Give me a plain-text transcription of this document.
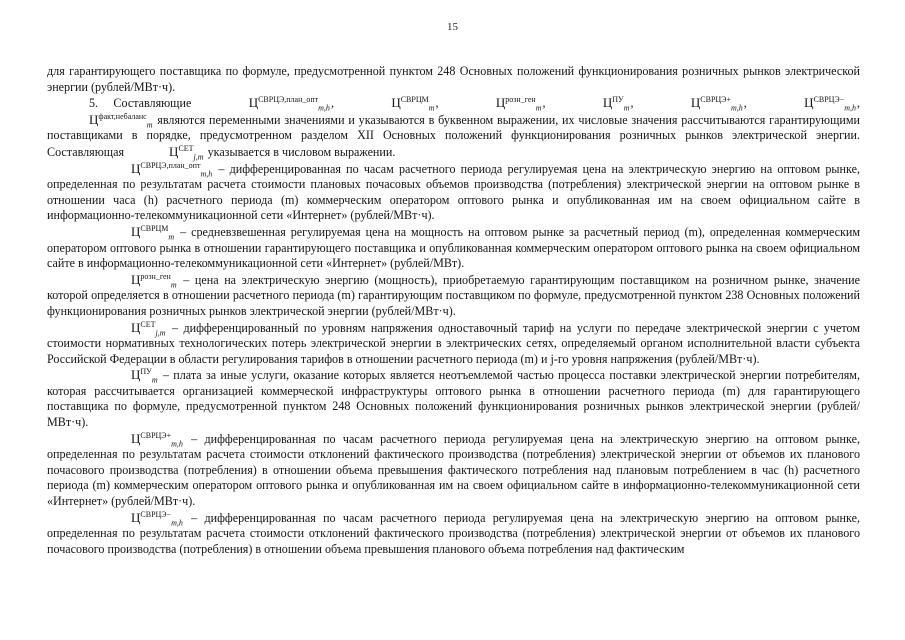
15

для гарантирующего поставщика по формуле, предусмотренной пунктом 248 Основных положений функционирования розничных рынков электрической энергии (рублей/МВт·ч).

5. Составляющие	$Ц^{СВРЦЭ,план\_опт}_{m,h}$,	$Ц^{СВРЦМ}_m$,	$Ц^{розн\_ген}_m$,	$Ц^{ПУ}_m$,	$Ц^{СВРЦЭ+}_{m,h}$,	$Ц^{СВРЦЭ-}_{m,h}$, $Ц^{факт,небаланс}_m$ являются переменными значениями и указываются в буквенном выражении, их числовые значения рассчитываются гарантирующими поставщиками в порядке, предусмотренном разделом XII Основных положений функционирования розничных рынков электрической энергии. Составляющая	$Ц^{СЕТ}_{j,m}$ указывается в числовом выражении.

$Ц^{СВРЦЭ,план\_опт}_{m,h}$ – дифференцированная по часам расчетного периода регулируемая цена на электрическую энергию на оптовом рынке, определенная по результатам расчета стоимости плановых почасовых объемов производства (потребления) электрической энергии на оптовом рынке в отношении часа (h) расчетного периода (m) коммерческим оператором оптового рынка и опубликованная им на своем официальном сайте в информационно-телекоммуникационной сети «Интернет» (рублей/МВт·ч).

$Ц^{СВРЦМ}_m$ – средневзвешенная регулируемая цена на мощность на оптовом рынке за расчетный период (m), определенная коммерческим оператором оптового рынка в отношении гарантирующего поставщика и опубликованная коммерческим оператором оптового рынка на своем официальном сайте в информационно-телекоммуникационной сети «Интернет» (рублей/МВт).

$Ц^{розн\_ген}_m$ – цена на электрическую энергию (мощность), приобретаемую гарантирующим поставщиком на розничном рынке, значение которой определяется в отношении расчетного периода (m) гарантирующим поставщиком по формуле, предусмотренной пунктом 238 Основных положений функционирования розничных рынков электрической энергии (рублей/МВт·ч).

$Ц^{СЕТ}_{j,m}$ – дифференцированный по уровням напряжения одноставочный тариф на услуги по передаче электрической энергии с учетом стоимости нормативных технологических потерь электрической энергии в электрических сетях, определяемый органом исполнительной власти субъекта Российской Федерации в области регулирования тарифов в отношении расчетного периода (m) и j-го уровня напряжения (рублей/МВт·ч).

$Ц^{ПУ}_m$ – плата за иные услуги, оказание которых является неотъемлемой частью процесса поставки электрической энергии потребителям, которая рассчитывается организацией коммерческой инфраструктуры оптового рынка в отношении расчетного периода (m) для гарантирующего поставщика по формуле, предусмотренной пунктом 248 Основных положений функционирования розничных рынков электрической энергии (рублей/МВт·ч).

$Ц^{СВРЦЭ+}_{m,h}$ – дифференцированная по часам расчетного периода регулируемая цена на электрическую энергию на оптовом рынке, определенная по результатам расчета стоимости отклонений фактического производства (потребления) электрической энергии от объемов их планового почасового производства (потребления) в отношении объема превышения фактического потребления над плановым потреблением в час (h) расчетного периода (m) коммерческим оператором оптового рынка и опубликованная им на своем официальном сайте в информационно-телекоммуникационной сети «Интернет» (рублей/МВт·ч).

$Ц^{СВРЦЭ-}_{m,h}$ – дифференцированная по часам расчетного периода регулируемая цена на электрическую энергию на оптовом рынке, определенная по результатам расчета стоимости отклонений фактического производства (потребления) электрической энергии от объемов их планового почасового производства (потребления) в отношении объема превышения планового объема потребления над фактическим
